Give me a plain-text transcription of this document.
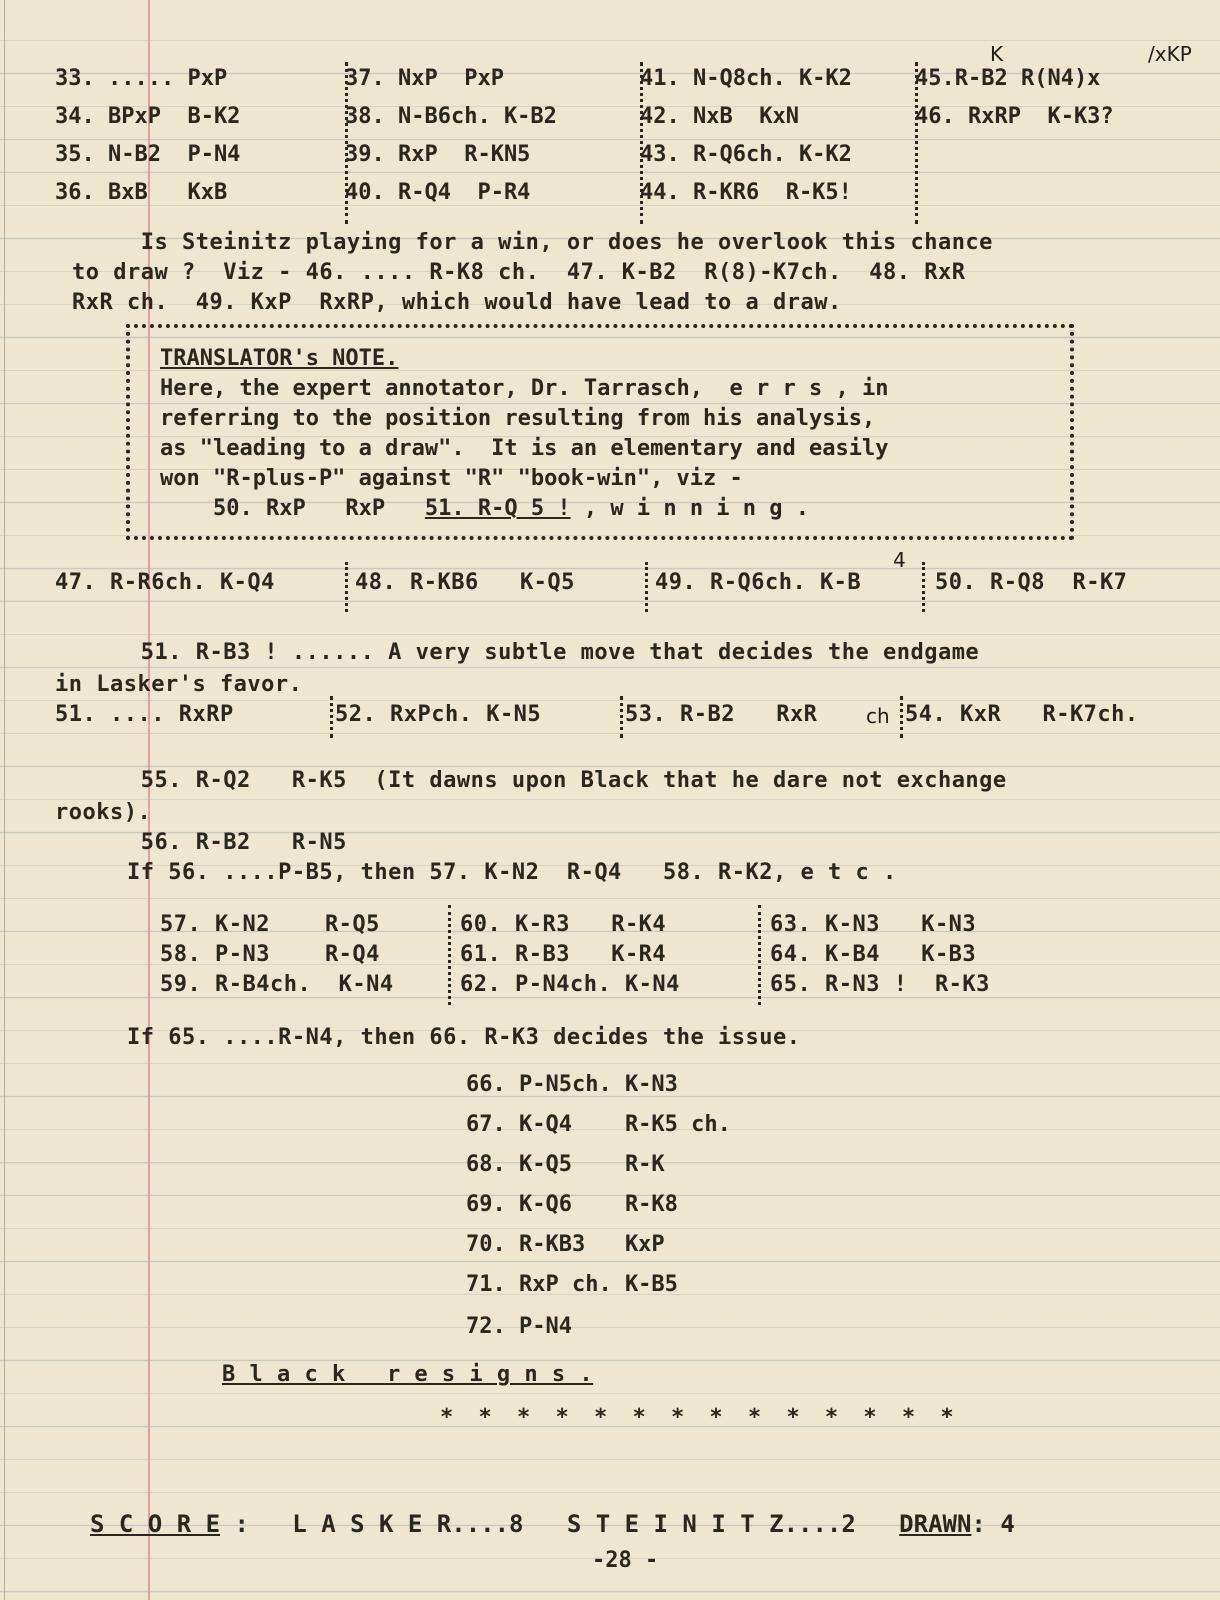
33. ..... PxP	37. NxP  PxP	41. N-Q8ch. K-K2	45.R-B2 R(N4)x
34. BPxP  B-K2	38. N-B6ch. K-B2	42. NxB  KxN	46. RxRP  K-K3?
35. N-B2  P-N4	39. RxP  R-KN5	43. R-Q6ch. K-K2
36. BxB   KxB	40. R-Q4  P-R4	44. R-KR6  R-K5!
K	/xKP
Is Steinitz playing for a win, or does he overlook this chance
to draw ?  Viz - 46. .... R-K8 ch.  47. K-B2  R(8)-K7ch.  48. RxR
RxR ch.  49. KxP  RxRP, which would have lead to a draw.
TRANSLATOR's NOTE.
Here, the expert annotator, Dr. Tarrasch,  e r r s , in
referring to the position resulting from his analysis,
as "leading to a draw".  It is an elementary and easily
won "R-plus-P" against "R" "book-win", viz -
50. RxP   RxP   51. R-Q 5 ! , w i n n i n g .
47. R-R6ch. K-Q4	48. R-KB6   K-Q5	49. R-Q6ch. K-B	50. R-Q8  R-K7
4
51. R-B3 ! ...... A very subtle move that decides the endgame
in Lasker's favor.
51. .... RxRP	52. RxPch. K-N5	53. R-B2   RxR	54. KxR   R-K7ch.
ch
55. R-Q2   R-K5  (It dawns upon Black that he dare not exchange
rooks).
56. R-B2   R-N5
If 56. ....P-B5, then 57. K-N2  R-Q4   58. R-K2, e t c .
57. K-N2    R-Q5	60. K-R3   R-K4	63. K-N3   K-N3
58. P-N3    R-Q4	61. R-B3   K-R4	64. K-B4   K-B3
59. R-B4ch.  K-N4	62. P-N4ch. K-N4	65. R-N3 !  R-K3
If 65. ....R-N4, then 66. R-K3 decides the issue.
66. P-N5ch. K-N3
67. K-Q4    R-K5 ch.
68. K-Q5    R-K
69. K-Q6    R-K8
70. R-KB3   KxP
71. RxP ch. K-B5
72. P-N4
B l a c k   r e s i g n s .
* * * * * * * * * * * * * *
S C O R E :   L A S K E R....8   S T E I N I T Z....2   DRAWN: 4
-28 -
